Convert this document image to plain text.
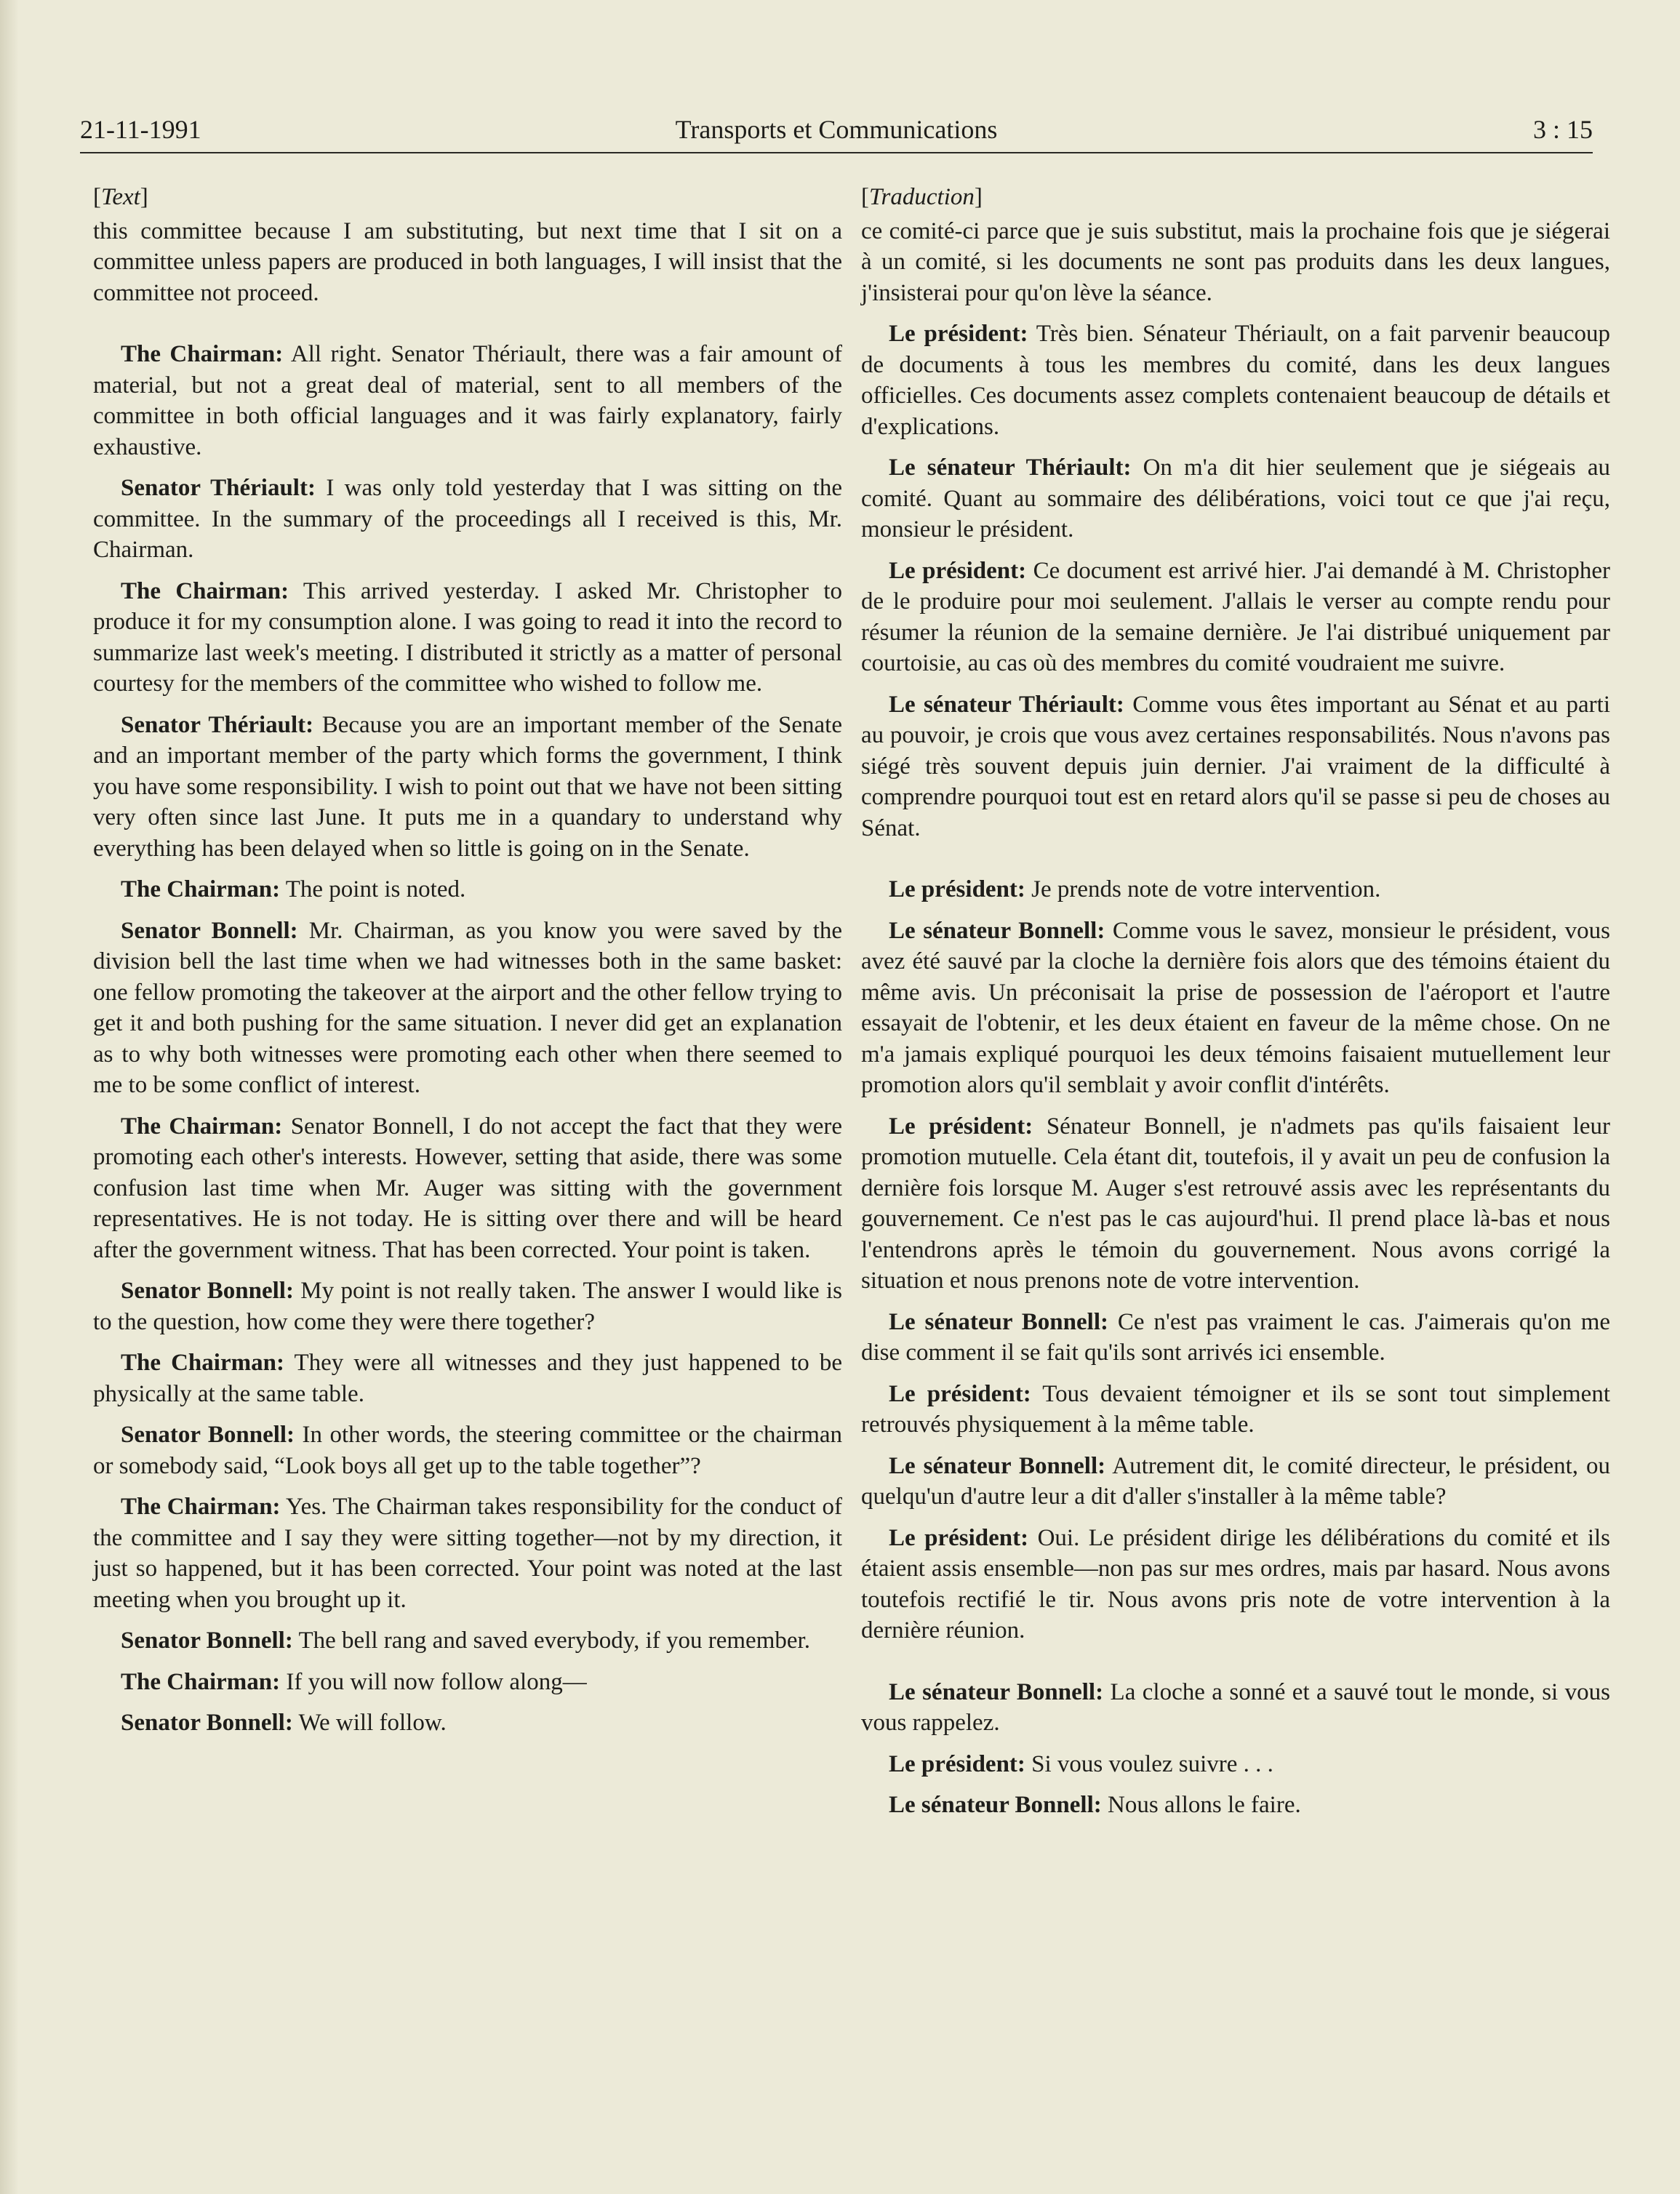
21-11-1991	Transports et Communications	3 : 15
[Text]

this committee because I am substituting, but next time that I sit on a committee unless papers are produced in both languages, I will insist that the committee not proceed.

The Chairman: All right. Senator Thériault, there was a fair amount of material, but not a great deal of material, sent to all members of the committee in both official languages and it was fairly explanatory, fairly exhaustive.

Senator Thériault: I was only told yesterday that I was sitting on the committee. In the summary of the proceedings all I received is this, Mr. Chairman.

The Chairman: This arrived yesterday. I asked Mr. Christopher to produce it for my consumption alone. I was going to read it into the record to summarize last week's meeting. I distributed it strictly as a matter of personal courtesy for the members of the committee who wished to follow me.

Senator Thériault: Because you are an important member of the Senate and an important member of the party which forms the government, I think you have some responsibility. I wish to point out that we have not been sitting very often since last June. It puts me in a quandary to understand why everything has been delayed when so little is going on in the Senate.

The Chairman: The point is noted.

Senator Bonnell: Mr. Chairman, as you know you were saved by the division bell the last time when we had witnesses both in the same basket: one fellow promoting the takeover at the airport and the other fellow trying to get it and both pushing for the same situation. I never did get an explanation as to why both witnesses were promoting each other when there seemed to me to be some conflict of interest.

The Chairman: Senator Bonnell, I do not accept the fact that they were promoting each other's interests. However, setting that aside, there was some confusion last time when Mr. Auger was sitting with the government representatives. He is not today. He is sitting over there and will be heard after the government witness. That has been corrected. Your point is taken.

Senator Bonnell: My point is not really taken. The answer I would like is to the question, how come they were there together?

The Chairman: They were all witnesses and they just happened to be physically at the same table.

Senator Bonnell: In other words, the steering committee or the chairman or somebody said, “Look boys all get up to the table together”?

The Chairman: Yes. The Chairman takes responsibility for the conduct of the committee and I say they were sitting together—not by my direction, it just so happened, but it has been corrected. Your point was noted at the last meeting when you brought up it.

Senator Bonnell: The bell rang and saved everybody, if you remember.

The Chairman: If you will now follow along—

Senator Bonnell: We will follow.

[Traduction]

ce comité-ci parce que je suis substitut, mais la prochaine fois que je siégerai à un comité, si les documents ne sont pas produits dans les deux langues, j'insisterai pour qu'on lève la séance.

Le président: Très bien. Sénateur Thériault, on a fait parvenir beaucoup de documents à tous les membres du comité, dans les deux langues officielles. Ces documents assez complets contenaient beaucoup de détails et d'explications.

Le sénateur Thériault: On m'a dit hier seulement que je siégeais au comité. Quant au sommaire des délibérations, voici tout ce que j'ai reçu, monsieur le président.

Le président: Ce document est arrivé hier. J'ai demandé à M. Christopher de le produire pour moi seulement. J'allais le verser au compte rendu pour résumer la réunion de la semaine dernière. Je l'ai distribué uniquement par courtoisie, au cas où des membres du comité voudraient me suivre.

Le sénateur Thériault: Comme vous êtes important au Sénat et au parti au pouvoir, je crois que vous avez certaines responsabilités. Nous n'avons pas siégé très souvent depuis juin dernier. J'ai vraiment de la difficulté à comprendre pourquoi tout est en retard alors qu'il se passe si peu de choses au Sénat.

Le président: Je prends note de votre intervention.

Le sénateur Bonnell: Comme vous le savez, monsieur le président, vous avez été sauvé par la cloche la dernière fois alors que des témoins étaient du même avis. Un préconisait la prise de possession de l'aéroport et l'autre essayait de l'obtenir, et les deux étaient en faveur de la même chose. On ne m'a jamais expliqué pourquoi les deux témoins faisaient mutuellement leur promotion alors qu'il semblait y avoir conflit d'intérêts.

Le président: Sénateur Bonnell, je n'admets pas qu'ils faisaient leur promotion mutuelle. Cela étant dit, toutefois, il y avait un peu de confusion la dernière fois lorsque M. Auger s'est retrouvé assis avec les représentants du gouvernement. Ce n'est pas le cas aujourd'hui. Il prend place là-bas et nous l'entendrons après le témoin du gouvernement. Nous avons corrigé la situation et nous prenons note de votre intervention.

Le sénateur Bonnell: Ce n'est pas vraiment le cas. J'aimerais qu'on me dise comment il se fait qu'ils sont arrivés ici ensemble.

Le président: Tous devaient témoigner et ils se sont tout simplement retrouvés physiquement à la même table.

Le sénateur Bonnell: Autrement dit, le comité directeur, le président, ou quelqu'un d'autre leur a dit d'aller s'installer à la même table?

Le président: Oui. Le président dirige les délibérations du comité et ils étaient assis ensemble—non pas sur mes ordres, mais par hasard. Nous avons toutefois rectifié le tir. Nous avons pris note de votre intervention à la dernière réunion.

Le sénateur Bonnell: La cloche a sonné et a sauvé tout le monde, si vous vous rappelez.

Le président: Si vous voulez suivre . . .

Le sénateur Bonnell: Nous allons le faire.
